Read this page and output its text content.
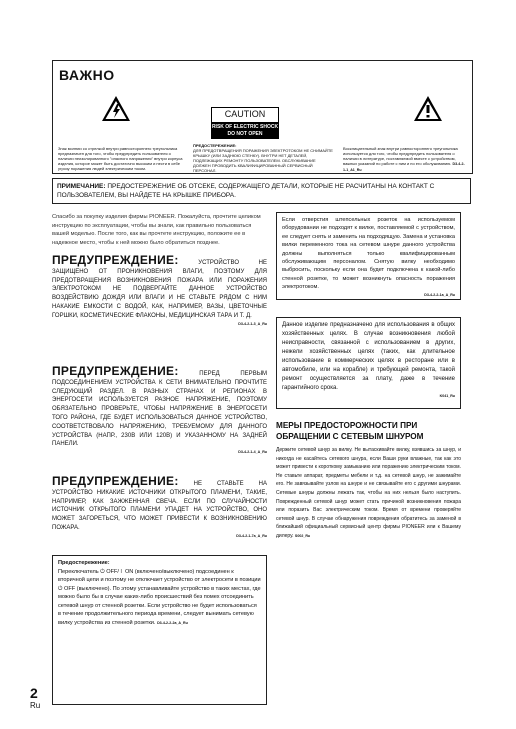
ВАЖНО
CAUTION
RISK OF ELECTRIC SHOCK DO NOT OPEN
Знак молнии со стрелкой внутри равностороннего треугольника предназначен для того, чтобы предупредить пользователя о наличии неизолированного "опасного напряжения" внутри корпуса изделия, которое может быть достаточно высоким и нести в себе угрозу поражения людей электрическим током.
ПРЕДОСТЕРЕЖЕНИЕ:
ДЛЯ ПРЕДОТВРАЩЕНИЯ ПОРАЖЕНИЯ ЭЛЕКТРОТОКОМ НЕ СНИМАЙТЕ КРЫШКУ (ИЛИ ЗАДНЮЮ СТЕНКУ). ВНУТРИ НЕТ ДЕТАЛЕЙ, ПОДЛЕЖАЩИХ РЕМОНТУ ПОЛЬЗОВАТЕЛЕМ. ОБСЛУЖИВАНИЕ ДОЛЖЕН ПРОВОДИТЬ КВАЛИФИЦИРОВАННЫЙ СЕРВИСНЫЙ ПЕРСОНАЛ.
Восклицательный знак внутри равностороннего треугольника используется для того, чтобы предупредить пользователя о наличии в литературе, поставляемой вместе с устройством, важных указаний по работе с ним и по его обслуживанию. D3-4-2-1-1_A1_Ru
ПРИМЕЧАНИЕ: ПРЕДОСТЕРЕЖЕНИЕ ОБ ОТСЕКЕ, СОДЕРЖАЩЕГО ДЕТАЛИ, КОТОРЫЕ НЕ РАСЧИТАНЫ НА КОНТАКТ С ПОЛЬЗОВАТЕЛЕМ, ВЫ НАЙДЕТЕ НА КРЫШКЕ ПРИБОРА.
Спасибо за покупку изделия фирмы PIONEER. Пожалуйста, прочтите целиком инструкцию по эксплуатации, чтобы вы знали, как правильно пользоваться вашей моделью. После того, как вы прочтете инструкцию, положите ее в надежное место, чтобы к ней можно было обратиться позднее.
ПРЕДУПРЕЖДЕНИЕ: УСТРОЙСТВО НЕ ЗАЩИЩЕНО ОТ ПРОНИКНОВЕНИЯ ВЛАГИ, ПОЭТОМУ ДЛЯ ПРЕДОТВРАЩЕНИЯ ВОЗНИКНОВЕНИЯ ПОЖАРА ИЛИ ПОРАЖЕНИЯ ЭЛЕКТРОТОКОМ НЕ ПОДВЕРГАЙТЕ ДАННОЕ УСТРОЙСТВО ВОЗДЕЙСТВИЮ ДОЖДЯ ИЛИ ВЛАГИ И НЕ СТАВЬТЕ РЯДОМ С НИМ НАКАКИЕ ЕМКОСТИ С ВОДОЙ, КАК, НАПРИМЕР, ВАЗЫ, ЦВЕТОЧНЫЕ ГОРШКИ, КОСМЕТИЧЕСКИЕ ФЛАКОНЫ, МЕДИЦИНСКАЯ ТАРА И Т. Д.
D3-4-2-1-3_A_Ru
ПРЕДУПРЕЖДЕНИЕ: ПЕРЕД ПЕРВЫМ ПОДСОЕДИНЕНИЕМ УСТРОЙСТВА К СЕТИ ВНИМАТЕЛЬНО ПРОЧТИТЕ СЛЕДУЮЩИЙ РАЗДЕЛ. В РАЗНЫХ СТРАНАХ И РЕГИОНАХ В ЭНЕРГОСЕТИ ИСПОЛЬЗУЕТСЯ РАЗНОЕ НАПРЯЖЕНИЕ, ПОЭТОМУ ОБЯЗАТЕЛЬНО ПРОВЕРЬТЕ, ЧТОБЫ НАПРЯЖЕНИЕ В ЭНЕРГОСЕТИ ТОГО РАЙОНА, ГДЕ БУДЕТ ИСПОЛЬЗОВАТЬСЯ ДАННОЕ УСТРОЙСТВО, СООТВЕТСТВОВАЛО НАПРЯЖЕНИЮ, ТРЕБУЕМОМУ ДЛЯ ДАННОГО УСТРОЙСТВА (НАПР., 230В ИЛИ 120В) И УКАЗАННОМУ НА ЗАДНЕЙ ПАНЕЛИ.
D3-4-2-1-4_A_Ru
ПРЕДУПРЕЖДЕНИЕ: НЕ СТАВЬТЕ НА УСТРОЙСТВО НИКАКИЕ ИСТОЧНИКИ ОТКРЫТОГО ПЛАМЕНИ, ТАКИЕ, НАПРИМЕР, КАК ЗАЖЖЕННАЯ СВЕЧА. ЕСЛИ ПО СЛУЧАЙНОСТИ ИСТОЧНИК ОТКРЫТОГО ПЛАМЕНИ УПАДЕТ НА УСТРОЙСТВО, ОНО МОЖЕТ ЗАГОРЕТЬСЯ, ЧТО МОЖЕТ ПРИВЕСТИ К ВОЗНИКНОВЕНИЮ ПОЖАРА.
D3-4-2-1-7a_A_Ru
Предостережение:
Переключатель ⏻ OFF/⏽ ON (включено/выключено) подсоединен к вторичной цепи и поэтому не отключает устройство от электросети в позиции ⏻ OFF (выключено). По этому устанавливайте устройство в таких местах, где можно было бы в случае каких-либо происшествий без помех отсоединить сетевой шнур от стенной розетки. Если устройство не будет использоваться в течение продолжительного периода времени, следует вынимать сетевую вилку устройства из стенной розетки. D3-4-2-2-2a_A_Ru
Если отверстия штепсельных розеток на используемом оборудовании не подходят к вилке, поставляемой с устройством, ее следует снять и заменить на подходящую. Замена и установка вилки переменного тока на сетевом шнуре данного устройства должны выполняться только квалифицированным обслуживающим персоналом. Снятую вилку необходимо выбросить, поскольку если она будет подключена к какой-либо стенной розетке, то может возникнуть опасность поражения электротоком.
D3-4-2-2-1a_A_Ru
Данное изделие предназначено для использования в общих хозяйственных целях. В случае возникновения любой неисправности, связанной с использованием в других, нежели хозяйственных целях (таких, как длительное использование в коммерческих целях в ресторане или в автомобиле, или на корабле) и требующей ремонта, такой ремонт осуществляется за плату, даже в течение гарантийного срока.
K041_Ru
МЕРЫ ПРЕДОСТОРОЖНОСТИ ПРИ ОБРАЩЕНИИ С СЕТЕВЫМ ШНУРОМ
Держите сетевой шнур за вилку. Не вытаскивайте вилку, взявшись за шнур, и никогда не касайтесь сетевого шнура, если Ваши руки влажные, так как это может привести к короткому замыканию или поражению электрическим током. Не ставьте аппарат, предметы мебели и т.д. на сетевой шнур, не зажимайте его. Не завязывайте узлов на шнуре и не связывайте его с другими шнурами. Сетевые шнуры должны лежать так, чтобы на них нельзя было наступить. Поврежденный сетевой шнур может стать причиной возникновения пожара или поразить Вас электрическим током. Время от времени проверяйте сетевой шнур. В случае обнаружения повреждения обратитесь за заменой в ближайший официальный сервисный центр фирмы PIONEER или к Вашему дилеру. S002_Ru
2
Ru
